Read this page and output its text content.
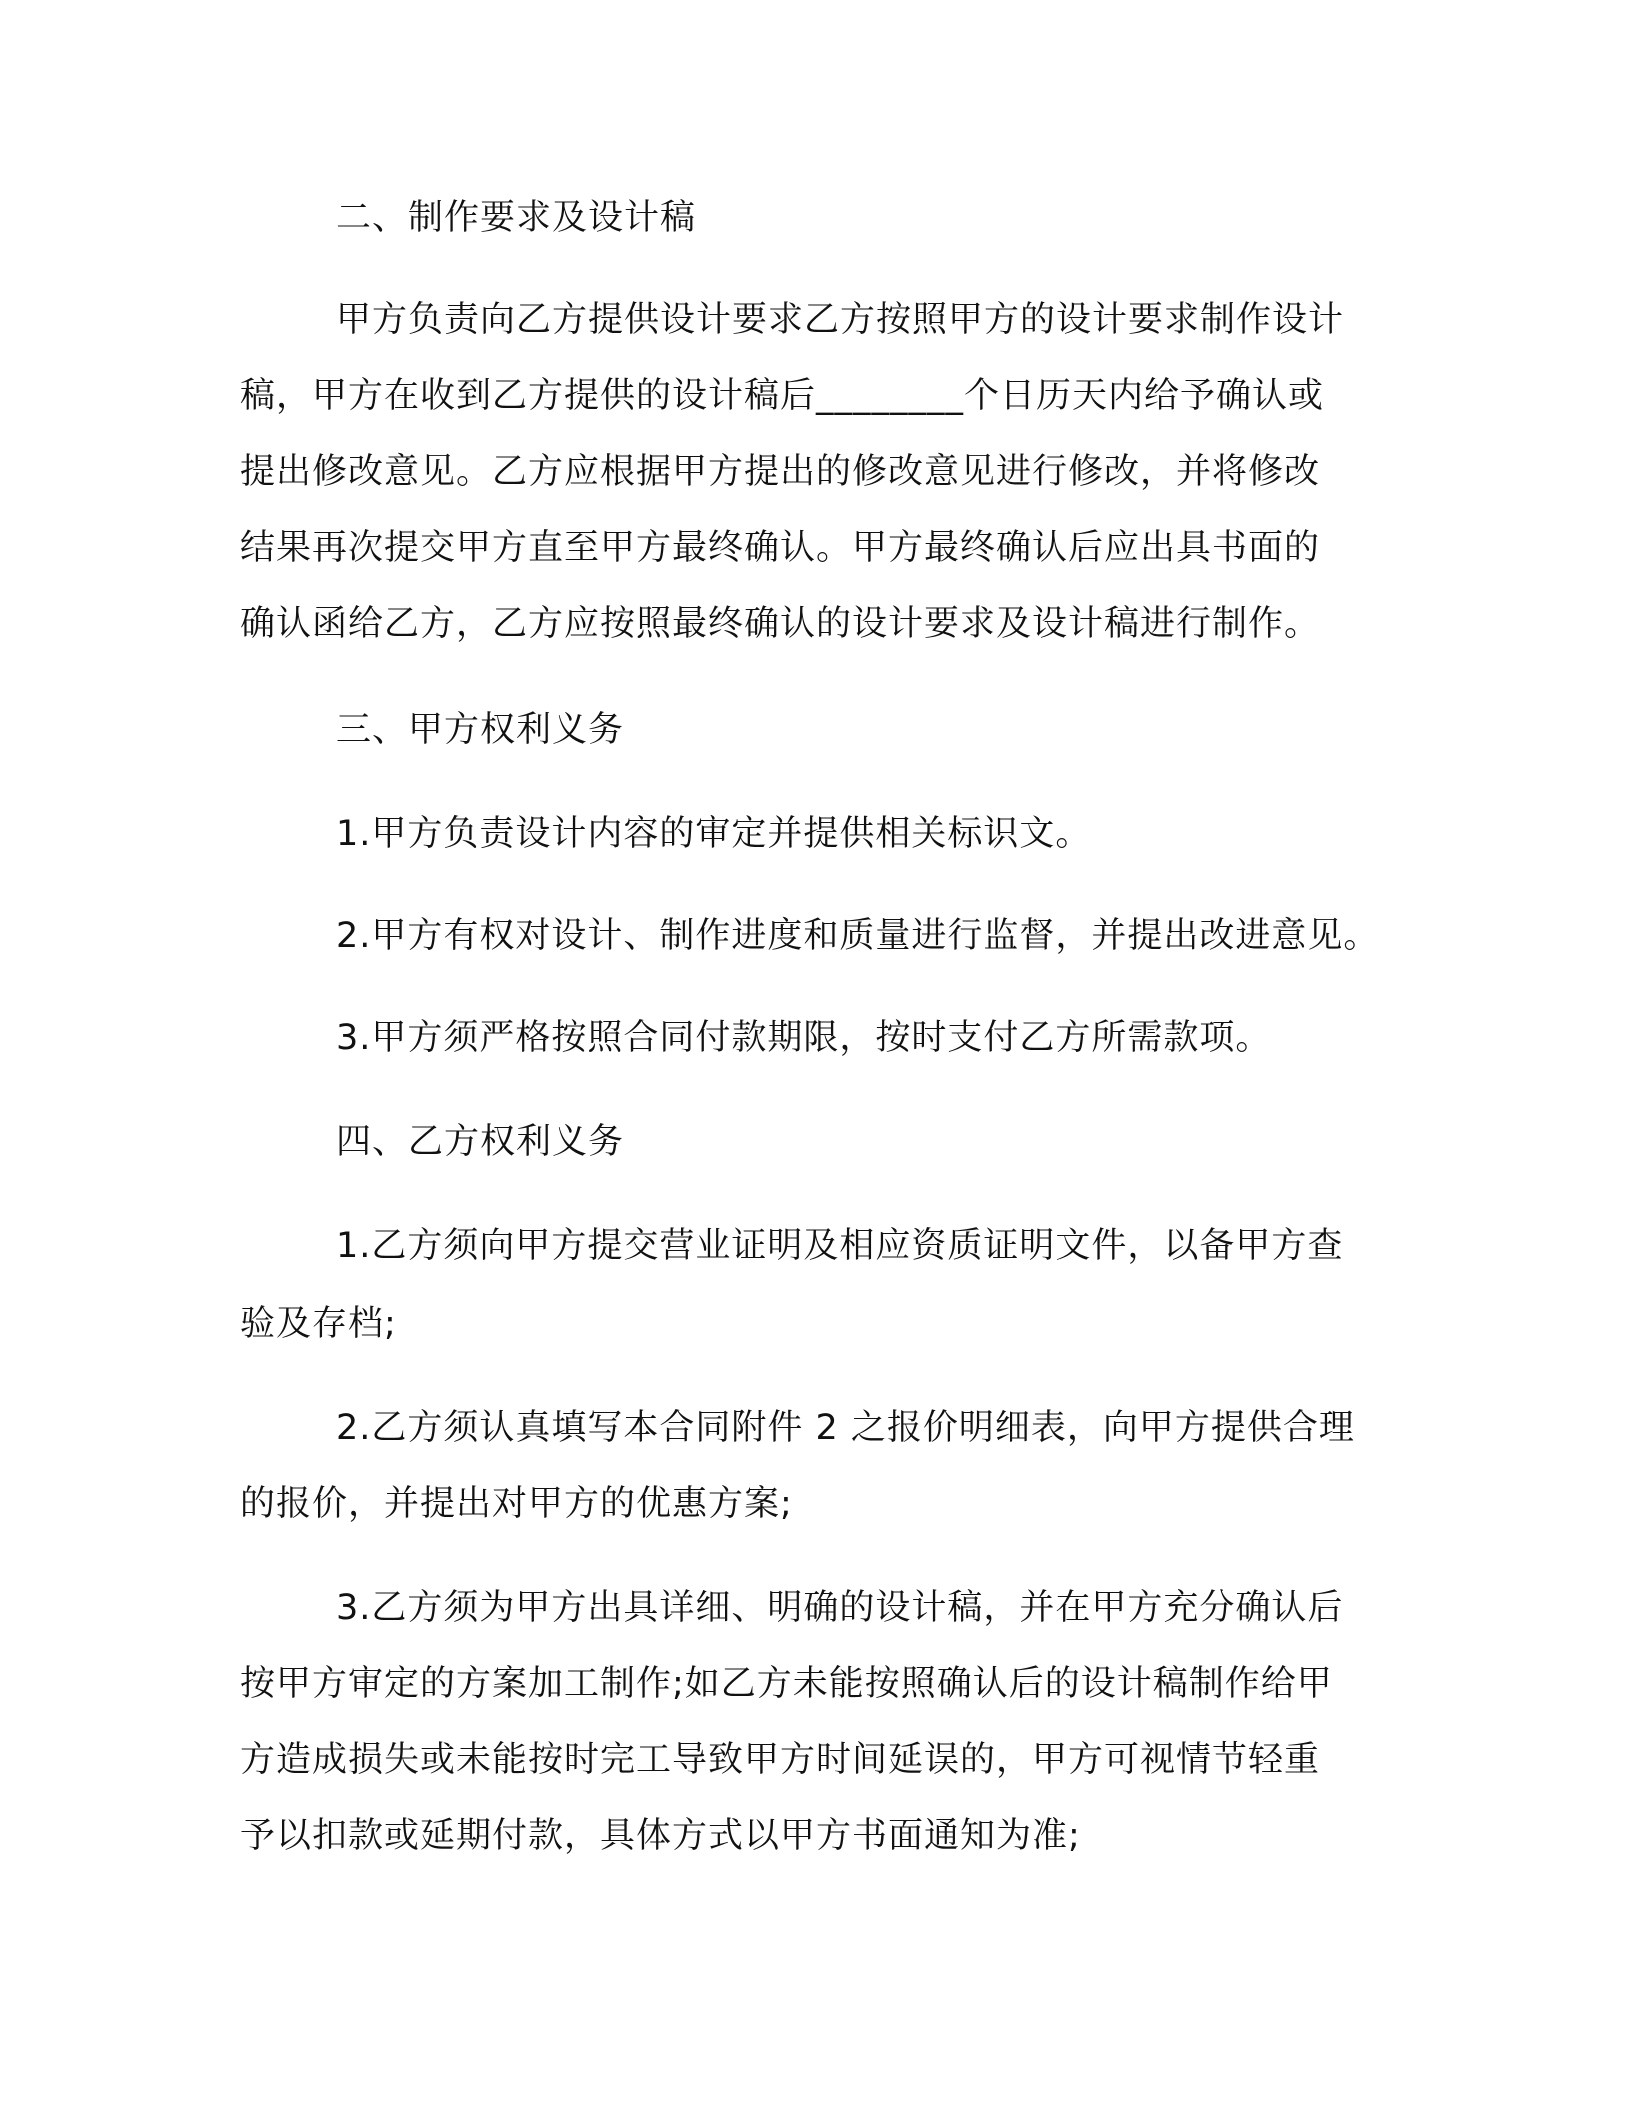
二、制作要求及设计稿
甲方负责向乙方提供设计要求乙方按照甲方的设计要求制作设计
稿，甲方在收到乙方提供的设计稿后________个日历天内给予确认或
提出修改意见。乙方应根据甲方提出的修改意见进行修改，并将修改
结果再次提交甲方直至甲方最终确认。甲方最终确认后应出具书面的
确认函给乙方，乙方应按照最终确认的设计要求及设计稿进行制作。
三、甲方权利义务
1.甲方负责设计内容的审定并提供相关标识文。
2.甲方有权对设计、制作进度和质量进行监督，并提出改进意见。
3.甲方须严格按照合同付款期限，按时支付乙方所需款项。
四、乙方权利义务
1.乙方须向甲方提交营业证明及相应资质证明文件，以备甲方查
验及存档;
2.乙方须认真填写本合同附件 2 之报价明细表，向甲方提供合理
的报价，并提出对甲方的优惠方案;
3.乙方须为甲方出具详细、明确的设计稿，并在甲方充分确认后
按甲方审定的方案加工制作;如乙方未能按照确认后的设计稿制作给甲
方造成损失或未能按时完工导致甲方时间延误的，甲方可视情节轻重
予以扣款或延期付款，具体方式以甲方书面通知为准;
